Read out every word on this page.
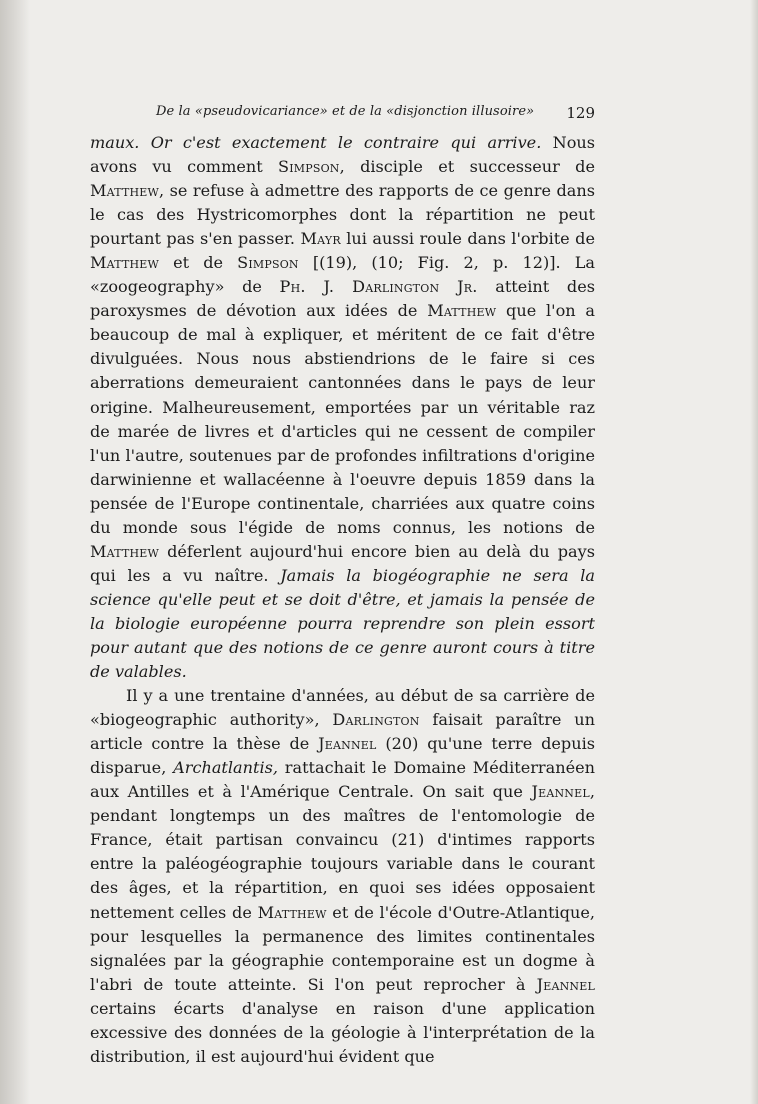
De la «pseudovicariance» et de la «disjonction illusoire» 129

maux. Or c'est exactement le contraire qui arrive. Nous avons vu comment Simpson, disciple et successeur de Matthew, se refuse à admettre des rapports de ce genre dans le cas des Hystricomorphes dont la répartition ne peut pourtant pas s'en passer. Mayr lui aussi roule dans l'orbite de Matthew et de Simpson [(19), (10; Fig. 2, p. 12)]. La «zoogeography» de Ph. J. Darlington Jr. atteint des paroxysmes de dévotion aux idées de Matthew que l'on a beaucoup de mal à expliquer, et méritent de ce fait d'être divulguées. Nous nous abstiendrions de le faire si ces aberrations demeuraient cantonnées dans le pays de leur origine. Malheureusement, emportées par un véritable raz de marée de livres et d'articles qui ne cessent de compiler l'un l'autre, soutenues par de profondes infiltrations d'origine darwinienne et wallacéenne à l'oeuvre depuis 1859 dans la pensée de l'Europe continentale, charriées aux quatre coins du monde sous l'égide de noms connus, les notions de Matthew déferlent aujourd'hui encore bien au delà du pays qui les a vu naître. Jamais la biogéographie ne sera la science qu'elle peut et se doit d'être, et jamais la pensée de la biologie européenne pourra reprendre son plein essort pour autant que des notions de ce genre auront cours à titre de valables.

Il y a une trentaine d'années, au début de sa carrière de «biogeographic authority», Darlington faisait paraître un article contre la thèse de Jeannel (20) qu'une terre depuis disparue, Archatlantis, rattachait le Domaine Méditerranéen aux Antilles et à l'Amérique Centrale. On sait que Jeannel, pendant longtemps un des maîtres de l'entomologie de France, était partisan convaincu (21) d'intimes rapports entre la paléogéographie toujours variable dans le courant des âges, et la répartition, en quoi ses idées opposaient nettement celles de Matthew et de l'école d'Outre-Atlantique, pour lesquelles la permanence des limites continentales signalées par la géographie contemporaine est un dogme à l'abri de toute atteinte. Si l'on peut reprocher à Jeannel certains écarts d'analyse en raison d'une application excessive des données de la géologie à l'interprétation de la distribution, il est aujourd'hui évident que
